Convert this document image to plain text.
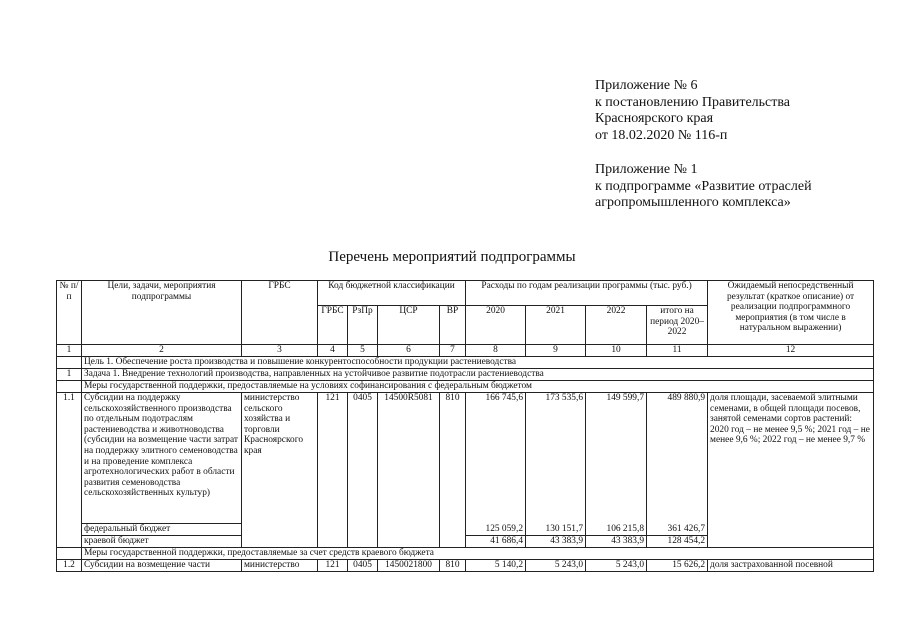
Приложение № 6
к постановлению Правительства
Красноярского края
от 18.02.2020 № 116-п
Приложение № 1
к подпрограмме «Развитие отраслей
агропромышленного комплекса»
Перечень мероприятий подпрограммы
№ п/п	Цели, задачи, мероприятия подпрограммы	ГРБС	Код бюджетной классификации				Расходы по годам реализации программы (тыс. руб.)				Ожидаемый непосредственный результат (краткое описание) от реализации подпрограммного мероприятия (в том числе в натуральном выражении)
			ГРБС	РзПр	ЦСР	ВР	2020	2021	2022	итого на период 2020–2022	
1	2	3	4	5	6	7	8	9	10	11	12
	Цель 1. Обеспечение роста производства и повышение конкурентоспособности продукции растениеводства										
1	Задача 1. Внедрение технологий производства, направленных на устойчивое развитие подотрасли растениеводства										
	Меры государственной поддержки, предоставляемые на условиях софинансирования с федеральным бюджетом										
1.1	Субсидии на поддержку сельскохозяйственного производства по отдельным подотраслям растениеводства и животноводства (субсидии на возмещение части затрат на поддержку элитного семеноводства и на проведение комплекса агротехнологических работ в области развития семеноводства сельскохозяйственных культур)	министерство сельского хозяйства и торговли Красноярского края	121	0405	14500R5081	810	166 745,6	173 535,6	149 599,7	489 880,9	доля площади, засеваемой элитными семенами, в общей площади посевов, занятой семенами сортов растений: 2020 год – не менее 9,5 %; 2021 год – не менее 9,6 %; 2022 год – не менее 9,7 %
	федеральный бюджет						125 059,2	130 151,7	106 215,8	361 426,7	
	краевой бюджет						41 686,4	43 383,9	43 383,9	128 454,2	
	Меры государственной поддержки, предоставляемые за счет средств краевого бюджета										
1.2	Субсидии на возмещение части	министерство	121	0405	1450021800	810	5 140,2	5 243,0	5 243,0	15 626,2	доля застрахованной посевной
